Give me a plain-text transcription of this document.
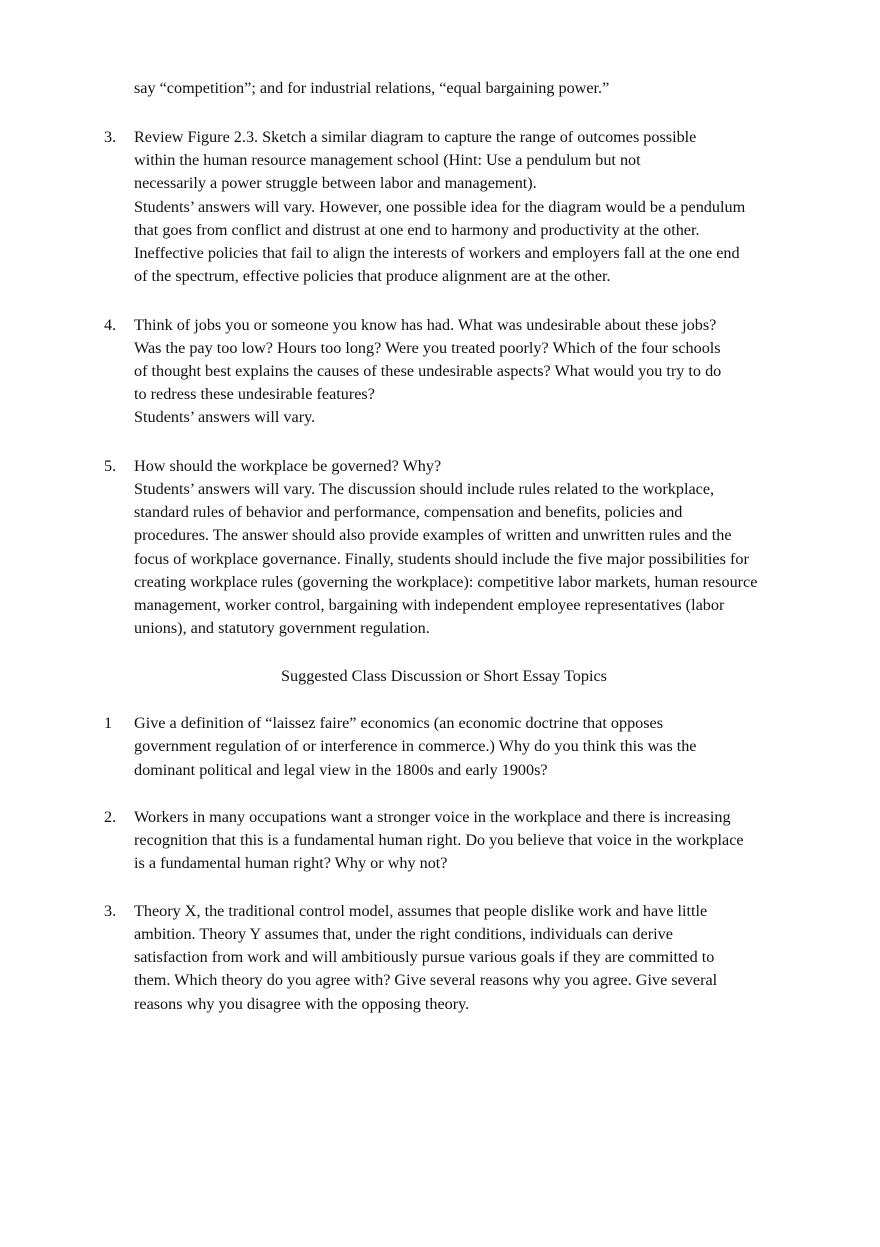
say “competition”; and for industrial relations, “equal bargaining power.”
3. Review Figure 2.3. Sketch a similar diagram to capture the range of outcomes possible
within the human resource management school (Hint: Use a pendulum but not
necessarily a power struggle between labor and management).
Students’ answers will vary. However, one possible idea for the diagram would be a pendulum
that goes from conflict and distrust at one end to harmony and productivity at the other.
Ineffective policies that fail to align the interests of workers and employers fall at the one end
of the spectrum, effective policies that produce alignment are at the other.
4. Think of jobs you or someone you know has had. What was undesirable about these jobs?
Was the pay too low? Hours too long? Were you treated poorly? Which of the four schools
of thought best explains the causes of these undesirable aspects? What would you try to do
to redress these undesirable features?
Students’ answers will vary.
5. How should the workplace be governed? Why?
Students’ answers will vary. The discussion should include rules related to the workplace,
standard rules of behavior and performance, compensation and benefits, policies and
procedures. The answer should also provide examples of written and unwritten rules and the
focus of workplace governance. Finally, students should include the five major possibilities for
creating workplace rules (governing the workplace): competitive labor markets, human resource
management, worker control, bargaining with independent employee representatives (labor
unions), and statutory government regulation.
Suggested Class Discussion or Short Essay Topics
1 Give a definition of “laissez faire” economics (an economic doctrine that opposes
government regulation of or interference in commerce.) Why do you think this was the
dominant political and legal view in the 1800s and early 1900s?
2. Workers in many occupations want a stronger voice in the workplace and there is increasing
recognition that this is a fundamental human right. Do you believe that voice in the workplace
is a fundamental human right? Why or why not?
3. Theory X, the traditional control model, assumes that people dislike work and have little
ambition. Theory Y assumes that, under the right conditions, individuals can derive
satisfaction from work and will ambitiously pursue various goals if they are committed to
them. Which theory do you agree with? Give several reasons why you agree. Give several
reasons why you disagree with the opposing theory.
